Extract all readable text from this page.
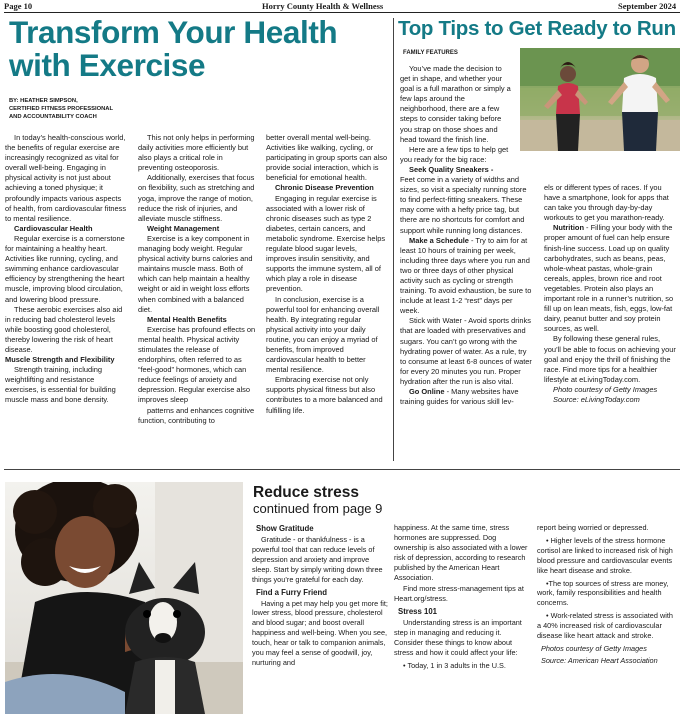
Page 10	Horry County Health & Wellness	September 2024
Transform Your Health with Exercise
BY: HEATHER SIMPSON,
CERTIFIED FITNESS PROFESSIONAL
AND ACCOUNTABILITY COACH

In today’s health-conscious world, the benefits of regular exercise are increasingly recognized as vital for overall well-being. Engaging in physical activity is not just about achieving a toned physique; it profoundly impacts various aspects of health, from cardiovascular fitness to mental resilience.

Cardiovascular Health

Regular exercise is a cornerstone for maintaining a healthy heart. Activities like running, cycling, and swimming enhance cardiovascular efficiency by strengthening the heart muscle, improving blood circulation, and lowering blood pressure.

These aerobic exercises also aid in reducing bad cholesterol levels while boosting good cholesterol, thereby lowering the risk of heart disease.

Muscle Strength and Flexibility

Strength training, including weightlifting and resistance exercises, is essential for building muscle mass and bone density.

This not only helps in performing daily activities more efficiently but also plays a critical role in preventing osteoporosis.

Additionally, exercises that focus on flexibility, such as stretching and yoga, improve the range of motion, reduce the risk of injuries, and alleviate muscle stiffness.

Weight Management

Exercise is a key component in managing body weight. Regular physical activity burns calories and maintains muscle mass. Both of which can help maintain a healthy weight or aid in weight loss efforts when combined with a balanced diet.

Mental Health Benefits

Exercise has profound effects on mental health. Physical activity stimulates the release of endorphins, often referred to as “feel-good” hormones, which can reduce feelings of anxiety and depression. Regular exercise also improves sleep

patterns and enhances cognitive function, contributing to

better overall mental well-being. Activities like walking, cycling, or participating in group sports can also provide social interaction, which is beneficial for emotional health.

Chronic Disease Prevention

Engaging in regular exercise is associated with a lower risk of chronic diseases such as type 2 diabetes, certain cancers, and metabolic syndrome. Exercise helps regulate blood sugar levels, improves insulin sensitivity, and supports the immune system, all of which play a role in disease prevention.

In conclusion, exercise is a powerful tool for enhancing overall health. By integrating regular physical activity into your daily routine, you can enjoy a myriad of benefits, from improved cardiovascular health to better mental resilience.

Embracing exercise not only supports physical fitness but also contributes to a more balanced and fulfilling life.

Top Tips to Get Ready to Run
FAMILY FEATURES

You’ve made the decision to get in shape, and whether your goal is a full marathon or simply a few laps around the neighborhood, there are a few steps to consider taking before you strap on those shoes and head toward the finish line.

Here are a few tips to help get you ready for the big race:

Seek Quality Sneakers -

Feet come in a variety of widths and sizes, so visit a specialty running store to find perfect-fitting sneakers. These may come with a hefty price tag, but there are no shortcuts for comfort and support while running long distances.

Make a Schedule - Try to aim for at least 10 hours of training per week, including three days where you run and two or three days of other physical activity such as cycling or strength training. To avoid exhaustion, be sure to include at least 1-2 “rest” days per week.

Stick with Water - Avoid sports drinks that are loaded with preservatives and sugars. You can’t go wrong with the hydrating power of water. As a rule, try to consume at least 6-8 ounces of water for every 20 minutes you run. Proper hydration after the run is also vital.

Go Online - Many websites have training guides for various skill lev-

els or different types of races. If you have a smartphone, look for apps that can take you through day-by-day workouts to get you marathon-ready.

Nutrition - Filling your body with the proper amount of fuel can help ensure finish-line success. Load up on quality carbohydrates, such as beans, peas, whole-wheat pastas, whole-grain cereals, apples, brown rice and root vegetables. Protein also plays an important role in a runner’s nutrition, so fill up on lean meats, fish, eggs, low-fat dairy, peanut butter and soy protein sources, as well.

By following these general rules, you’ll be able to focus on achieving your goal and enjoy the thrill of finishing the race. Find more tips for a healthier lifestyle at eLivingToday.com.

Photo courtesy of Getty Images
Source: eLivingToday.com
Reduce stress
continued from page 9
Show Gratitude

Gratitude - or thankfulness - is a powerful tool that can reduce levels of depression and anxiety and improve sleep. Start by simply writing down three things you’re grateful for each day.

Find a Furry Friend

Having a pet may help you get more fit; lower stress, blood pressure, cholesterol and blood sugar; and boost overall happiness and well-being. When you see, touch, hear or talk to companion animals, you may feel a sense of goodwill, joy, nurturing and

happiness. At the same time, stress hormones are suppressed. Dog ownership is also associated with a lower risk of depression, according to research published by the American Heart Association.

Find more stress-management tips at Heart.org/stress.

Stress 101

Understanding stress is an important step in managing and reducing it. Consider these things to know about stress and how it could affect your life:

• Today, 1 in 3 adults in the U.S.

report being worried or depressed.

• Higher levels of the stress hormone cortisol are linked to increased risk of high blood pressure and cardiovascular events like heart disease and stroke.

•The top sources of stress are money, work, family responsibilities and health concerns.

• Work-related stress is associated with a 40% increased risk of cardiovascular disease like heart attack and stroke.

Photos courtesy of Getty Images
Source: American Heart Association
